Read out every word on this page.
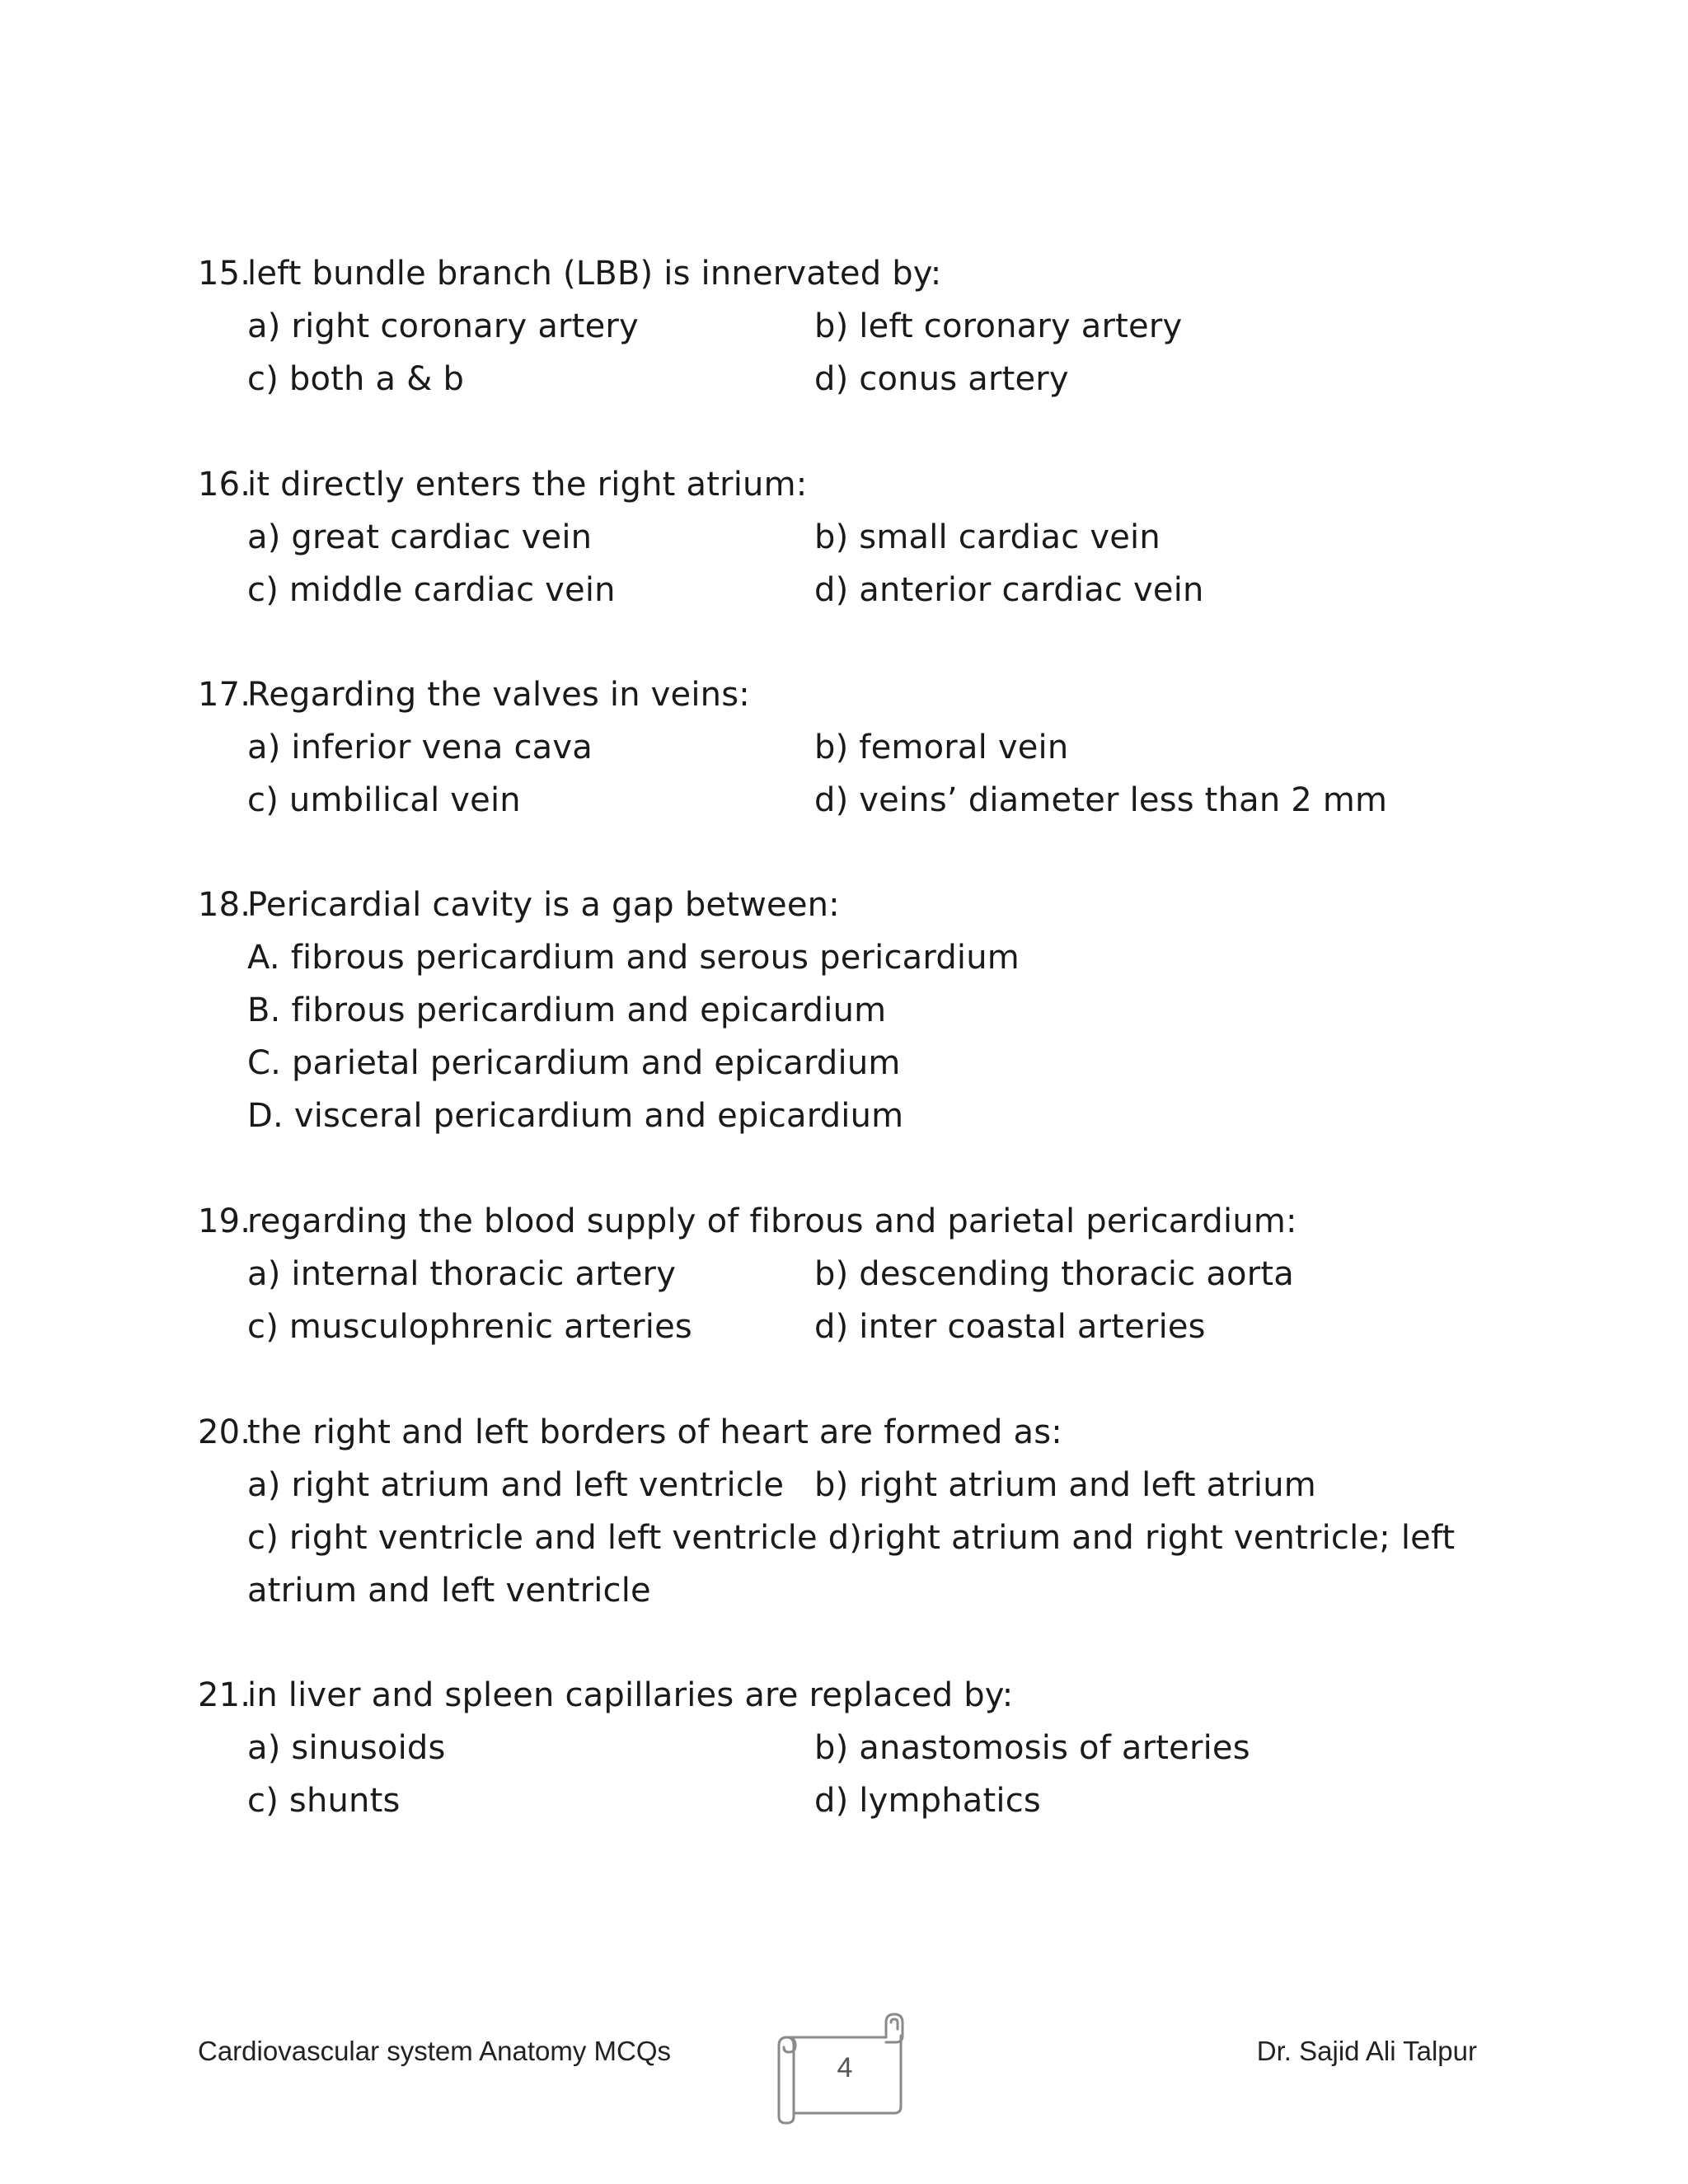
15.left bundle branch (LBB) is innervated by:
a) right coronary artery	b) left coronary artery
c) both a & b	d) conus artery
16.it directly enters the right atrium:
a) great cardiac vein	b) small cardiac vein
c) middle cardiac vein	d) anterior cardiac vein
17.Regarding the valves in veins:
a) inferior vena cava	b) femoral vein
c) umbilical vein	d) veins’ diameter less than 2 mm
18.Pericardial cavity is a gap between:
A. fibrous pericardium and serous pericardium
B. fibrous pericardium and epicardium
C. parietal pericardium and epicardium
D. visceral pericardium and epicardium
19.regarding the blood supply of fibrous and parietal pericardium:
a) internal thoracic artery	b) descending thoracic aorta
c) musculophrenic arteries	d) inter coastal arteries
20.the right and left borders of heart are formed as:
a) right atrium and left ventricle b) right atrium and left atrium
c) right ventricle and left ventricle d)right atrium and right ventricle; left atrium and left ventricle
21.in liver and spleen capillaries are replaced by:
a) sinusoids	b) anastomosis of arteries
c) shunts	d) lymphatics
Cardiovascular system Anatomy MCQs
4
Dr. Sajid Ali Talpur
